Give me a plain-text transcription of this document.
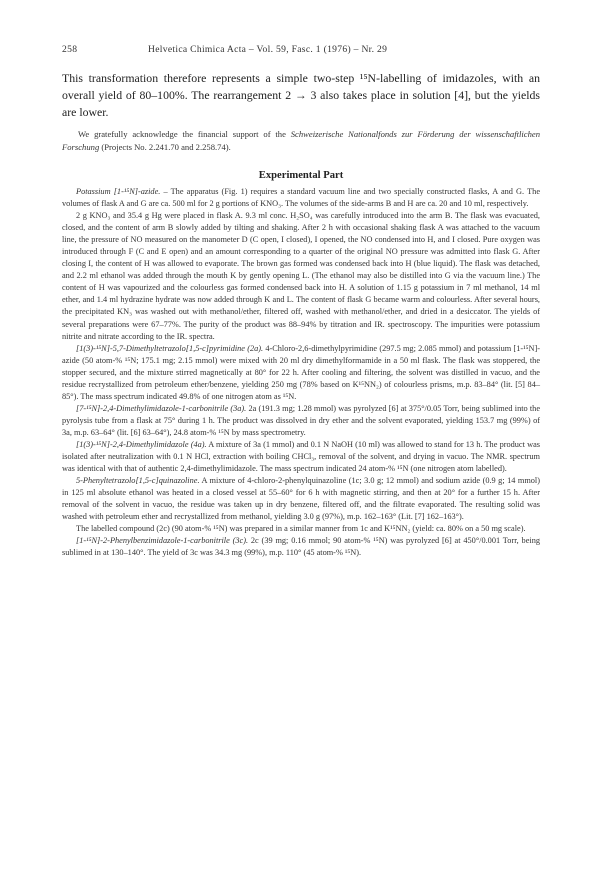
258	Helvetica Chimica Acta – Vol. 59, Fasc. 1 (1976) – Nr. 29
This transformation therefore represents a simple two-step ¹⁵N-labelling of imidazoles, with an overall yield of 80–100%. The rearrangement 2 → 3 also takes place in solution [4], but the yields are lower.
We gratefully acknowledge the financial support of the Schweizerische Nationalfonds zur Förderung der wissenschaftlichen Forschung (Projects No. 2.241.70 and 2.258.74).
Experimental Part

Potassium [1-¹⁵N]-azide. – The apparatus (Fig. 1) requires a standard vacuum line and two specially constructed flasks, A and G. The volumes of flask A and G are ca. 500 ml for 2 g portions of KNO₃. The volumes of the side-arms B and H are ca. 20 and 10 ml, respectively.

2 g KNO₃ and 35.4 g Hg were placed in flask A. 9.3 ml conc. H₂SO₄ was carefully introduced into the arm B. The flask was evacuated, closed, and the content of arm B slowly added by tilting and shaking. After 2 h with occasional shaking flask A was attached to the vacuum line, the pressure of NO measured on the manometer D (C open, I closed), I opened, the NO condensed into H, and I closed. Pure oxygen was introduced through F (C and E open) and an amount corresponding to a quarter of the original NO pressure was admitted into flask G. After closing I, the content of H was allowed to evaporate. The brown gas formed was condensed back into H (blue liquid). The flask was detached, and 2.2 ml ethanol was added through the mouth K by gently opening L. (The ethanol may also be distilled into G via the vacuum line.) The content of H was vapourized and the colourless gas formed condensed back into H. A solution of 1.15 g potassium in 7 ml methanol, 14 ml ether, and 1.4 ml hydrazine hydrate was now added through K and L. The content of flask G became warm and colourless. After several hours, the precipitated KN₃ was washed out with methanol/ether, filtered off, washed with methanol/ether, and dried in a desiccator. The yields of several preparations were 67–77%. The purity of the product was 88–94% by titration and IR. spectroscopy. The impurities were potassium nitrite and nitrate according to the IR. spectra.

[1(3)-¹⁵N]-5,7-Dimethyltetrazolo[1,5-c]pyrimidine (2a). 4-Chloro-2,6-dimethylpyrimidine (297.5 mg; 2.085 mmol) and potassium [1-¹⁵N]-azide (50 atom-% ¹⁵N; 175.1 mg; 2.15 mmol) were mixed with 20 ml dry dimethylformamide in a 50 ml flask. The flask was stoppered, the stopper secured, and the mixture stirred magnetically at 80° for 22 h. After cooling and filtering, the solvent was distilled in vacuo, and the residue recrystallized from petroleum ether/benzene, yielding 250 mg (78% based on K¹⁵NN₂) of colourless prisms, m.p. 83–84° (lit. [5] 84–85°). The mass spectrum indicated 49.8% of one nitrogen atom as ¹⁵N.

[7-¹⁵N]-2,4-Dimethylimidazole-1-carbonitrile (3a). 2a (191.3 mg; 1.28 mmol) was pyrolyzed [6] at 375°/0.05 Torr, being sublimed into the pyrolysis tube from a flask at 75° during 1 h. The product was dissolved in dry ether and the solvent evaporated, yielding 153.7 mg (99%) of 3a, m.p. 63–64° (lit. [6] 63–64°), 24.8 atom-% ¹⁵N by mass spectrometry.

[1(3)-¹⁵N]-2,4-Dimethylimidazole (4a). A mixture of 3a (1 mmol) and 0.1 N NaOH (10 ml) was allowed to stand for 13 h. The product was isolated after neutralization with 0.1 N HCl, extraction with boiling CHCl₃, removal of the solvent, and drying in vacuo. The NMR. spectrum was identical with that of authentic 2,4-dimethylimidazole. The mass spectrum indicated 24 atom-% ¹⁵N (one nitrogen atom labelled).

5-Phenyltetrazolo[1,5-c]quinazoline. A mixture of 4-chloro-2-phenylquinazoline (1c; 3.0 g; 12 mmol) and sodium azide (0.9 g; 14 mmol) in 125 ml absolute ethanol was heated in a closed vessel at 55–60° for 6 h with magnetic stirring, and then at 20° for a further 15 h. After removal of the solvent in vacuo, the residue was taken up in dry benzene, filtered off, and the filtrate evaporated. The resulting solid was washed with petroleum ether and recrystallized from methanol, yielding 3.0 g (97%), m.p. 162–163° (Lit. [7] 162–163°).

The labelled compound (2c) (90 atom-% ¹⁵N) was prepared in a similar manner from 1c and K¹⁵NN₂ (yield: ca. 80% on a 50 mg scale).

[1-¹⁵N]-2-Phenylbenzimidazole-1-carbonitrile (3c). 2c (39 mg; 0.16 mmol; 90 atom-% ¹⁵N) was pyrolyzed [6] at 450°/0.001 Torr, being sublimed in at 130–140°. The yield of 3c was 34.3 mg (99%), m.p. 110° (45 atom-% ¹⁵N).
